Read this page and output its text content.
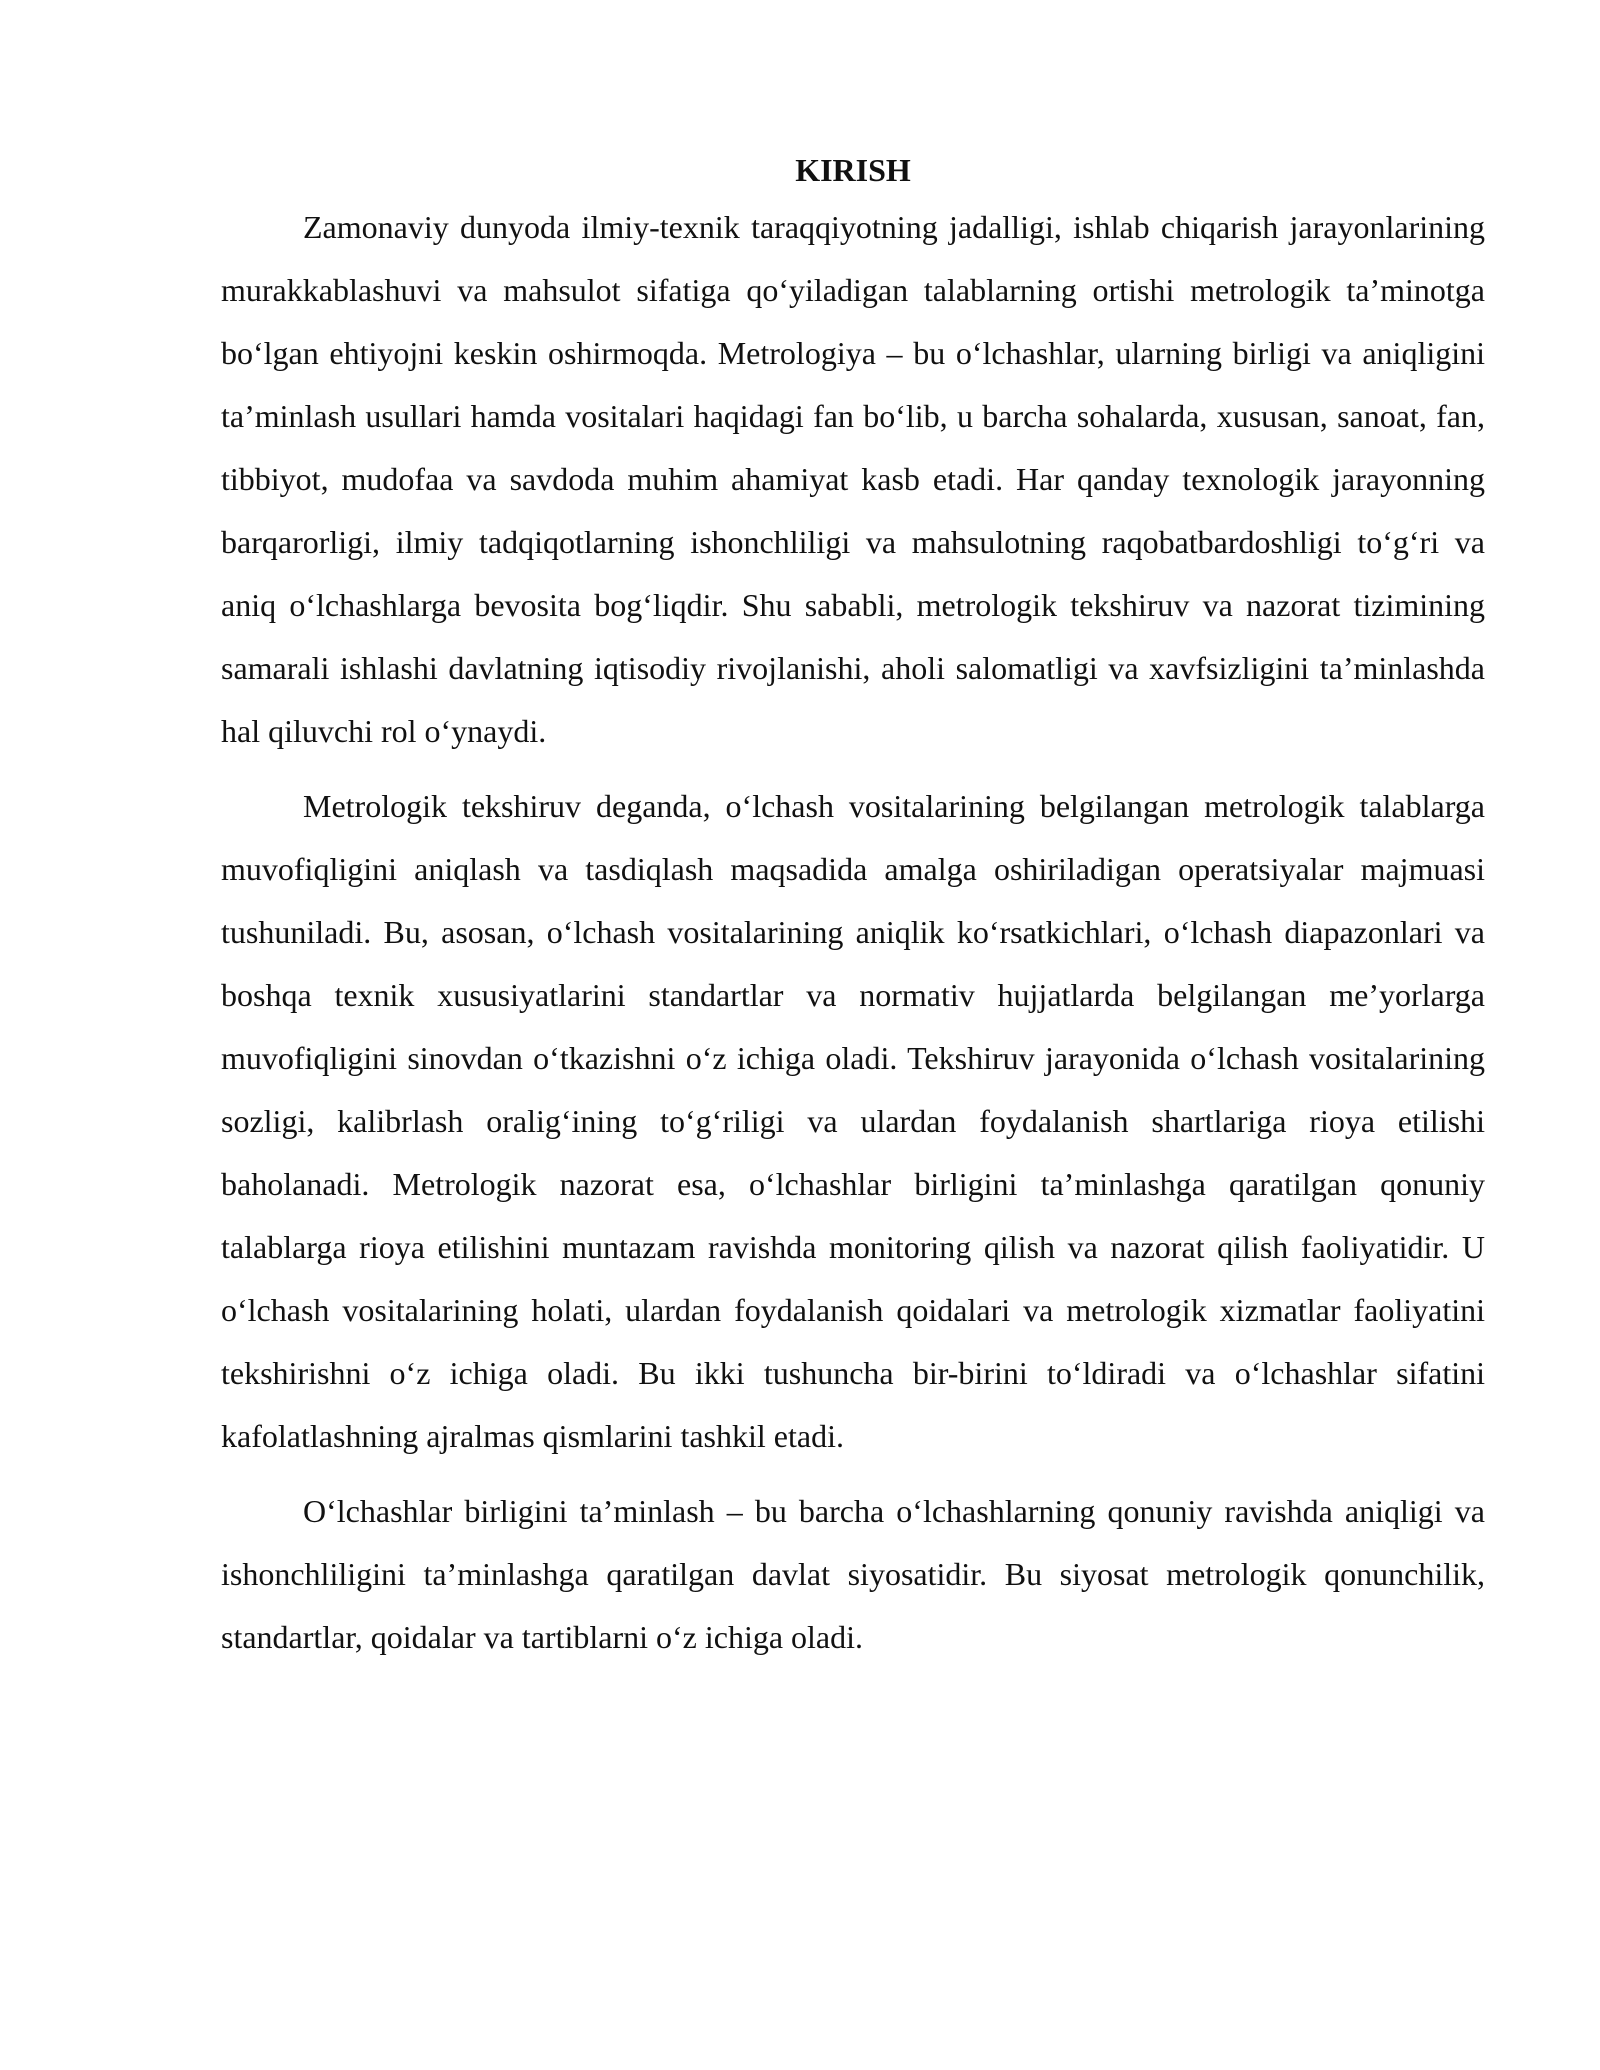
KIRISH

Zamonaviy dunyoda ilmiy-texnik taraqqiyotning jadalligi, ishlab chiqarish jarayonlarining murakkablashuvi va mahsulot sifatiga qo‘yiladigan talablarning ortishi metrologik ta’minotga bo‘lgan ehtiyojni keskin oshirmoqda. Metrologiya – bu o‘lchashlar, ularning birligi va aniqligini ta’minlash usullari hamda vositalari haqidagi fan bo‘lib, u barcha sohalarda, xususan, sanoat, fan, tibbiyot, mudofaa va savdoda muhim ahamiyat kasb etadi. Har qanday texnologik jarayonning barqarorligi, ilmiy tadqiqotlarning ishonchliligi va mahsulotning raqobatbardoshligi to‘g‘ri va aniq o‘lchashlarga bevosita bog‘liqdir. Shu sababli, metrologik tekshiruv va nazorat tizimining samarali ishlashi davlatning iqtisodiy rivojlanishi, aholi salomatligi va xavfsizligini ta’minlashda hal qiluvchi rol o‘ynaydi.

Metrologik tekshiruv deganda, o‘lchash vositalarining belgilangan metrologik talablarga muvofiqligini aniqlash va tasdiqlash maqsadida amalga oshiriladigan operatsiyalar majmuasi tushuniladi. Bu, asosan, o‘lchash vositalarining aniqlik ko‘rsatkichlari, o‘lchash diapazonlari va boshqa texnik xususiyatlarini standartlar va normativ hujjatlarda belgilangan me’yorlarga muvofiqligini sinovdan o‘tkazishni o‘z ichiga oladi. Tekshiruv jarayonida o‘lchash vositalarining sozligi, kalibrlash oralig‘ining to‘g‘riligi va ulardan foydalanish shartlariga rioya etilishi baholanadi. Metrologik nazorat esa, o‘lchashlar birligini ta’minlashga qaratilgan qonuniy talablarga rioya etilishini muntazam ravishda monitoring qilish va nazorat qilish faoliyatidir. U o‘lchash vositalarining holati, ulardan foydalanish qoidalari va metrologik xizmatlar faoliyatini tekshirishni o‘z ichiga oladi. Bu ikki tushuncha bir-birini to‘ldiradi va o‘lchashlar sifatini kafolatlashning ajralmas qismlarini tashkil etadi.

O‘lchashlar birligini ta’minlash – bu barcha o‘lchashlarning qonuniy ravishda aniqligi va ishonchliligini ta’minlashga qaratilgan davlat siyosatidir. Bu siyosat metrologik qonunchilik, standartlar, qoidalar va tartiblarni o‘z ichiga oladi.
